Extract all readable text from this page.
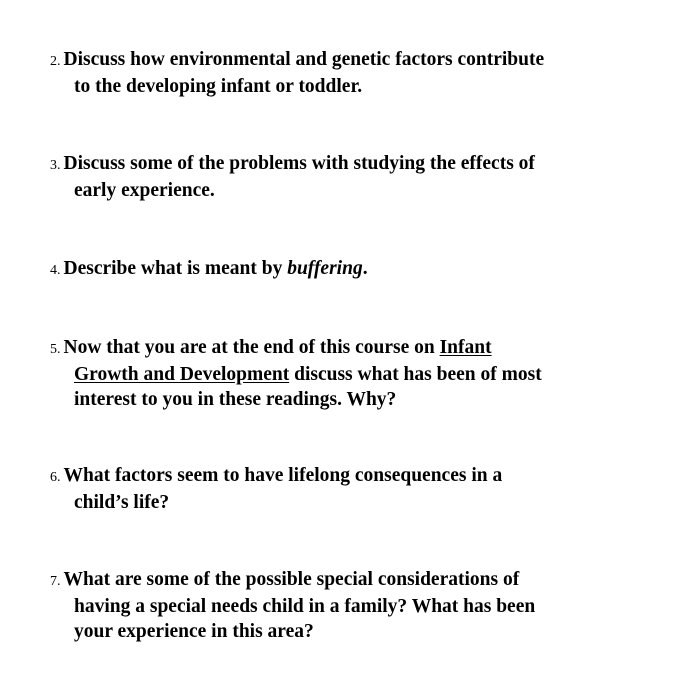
2. Discuss how environmental and genetic factors contribute
to the developing infant or toddler.
3. Discuss some of the problems with studying the effects of
early experience.
4. Describe what is meant by buffering.
5. Now that you are at the end of this course on Infant
Growth and Development discuss what has been of most
interest to you in these readings. Why?
6. What factors seem to have lifelong consequences in a
child’s life?
7. What are some of the possible special considerations of
having a special needs child in a family? What has been
your experience in this area?
